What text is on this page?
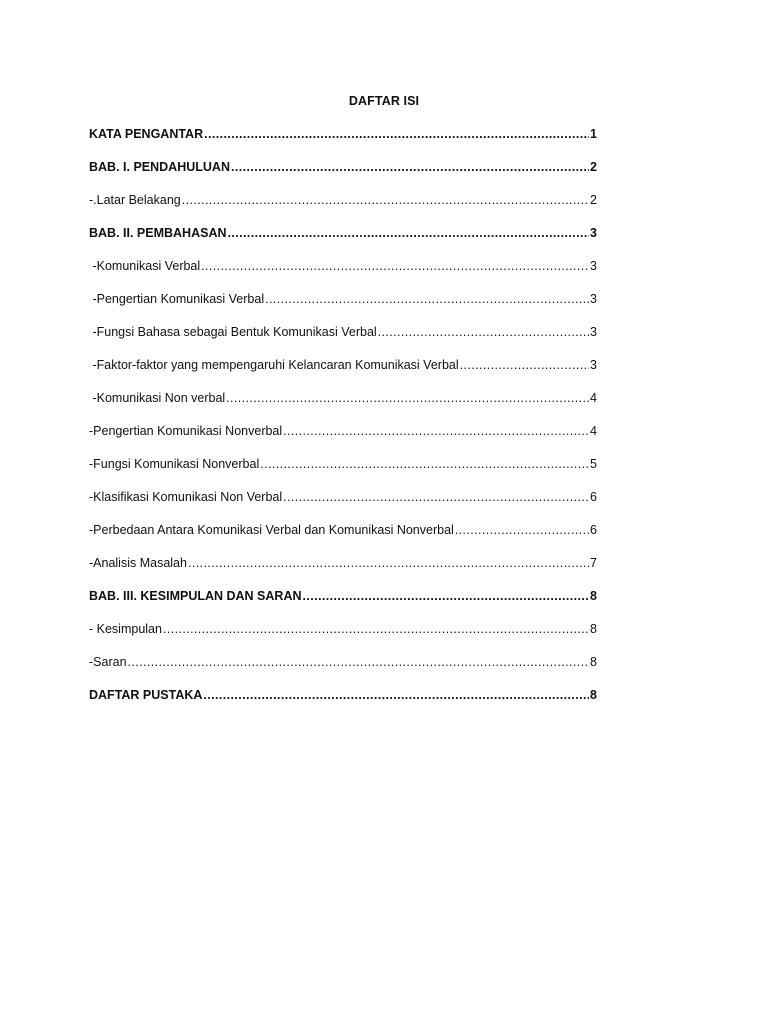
DAFTAR ISI
KATA PENGANTAR .....	1
BAB. I. PENDAHULUAN .....	2
-.Latar Belakang .....	2
BAB. II. PEMBAHASAN .....	3
-Komunikasi Verbal .....	3
-Pengertian Komunikasi Verbal .....	3
-Fungsi Bahasa sebagai Bentuk Komunikasi Verbal .....	3
-Faktor-faktor yang mempengaruhi Kelancaran Komunikasi Verbal .....	3
-Komunikasi Non verbal .....	4
-Pengertian Komunikasi Nonverbal .....	4
-Fungsi Komunikasi Nonverbal .....	5
-Klasifikasi Komunikasi Non Verbal .....	6
-Perbedaan Antara Komunikasi Verbal dan Komunikasi Nonverbal .....	6
-Analisis Masalah .....	7
BAB. III. KESIMPULAN DAN SARAN .....	8
- Kesimpulan .....	8
-Saran .....	8
DAFTAR PUSTAKA .....	8
